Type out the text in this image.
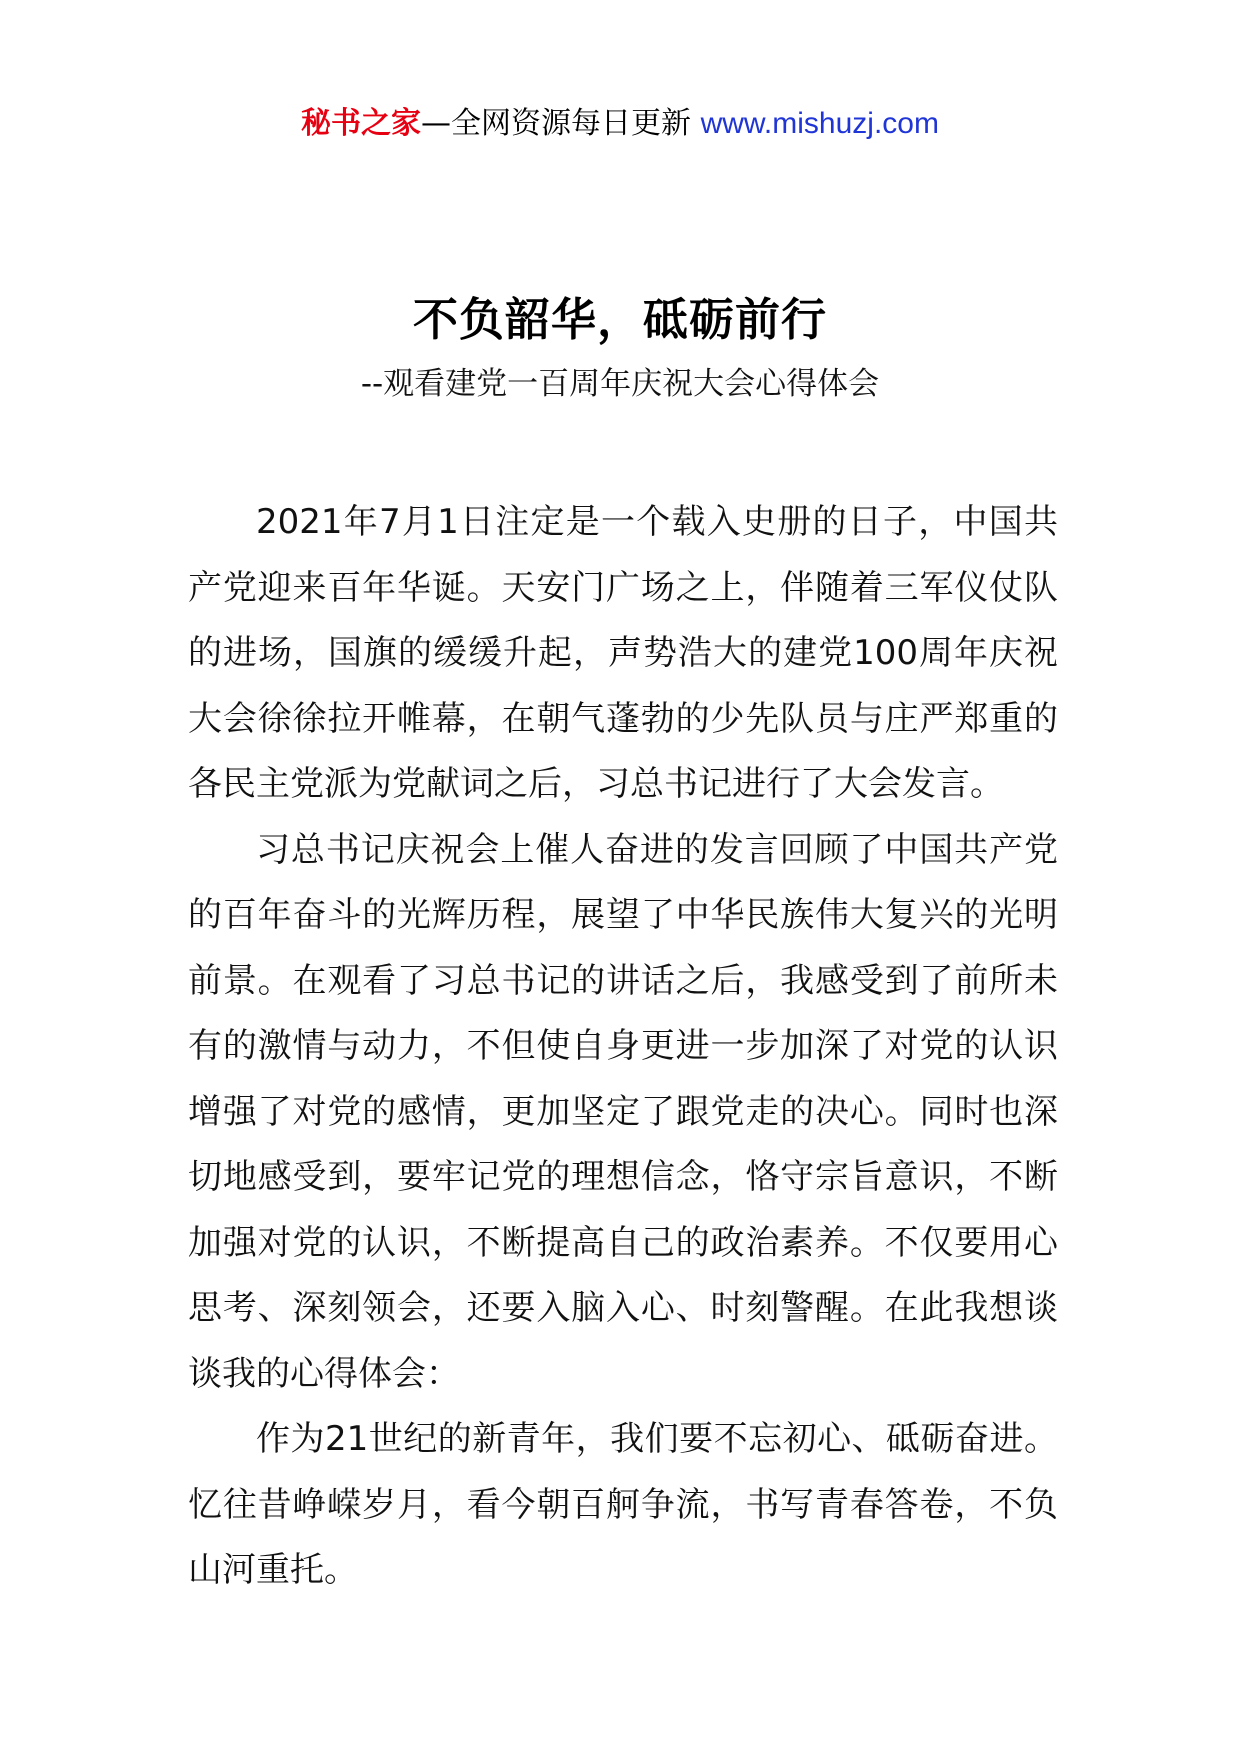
秘书之家—全网资源每日更新 www.mishuzj.com
不负韶华，砥砺前行
--观看建党一百周年庆祝大会心得体会

2021年7月1日注定是一个载入史册的日子，中国共产党迎来百年华诞。天安门广场之上，伴随着三军仪仗队的进场，国旗的缓缓升起，声势浩大的建党100周年庆祝大会徐徐拉开帷幕，在朝气蓬勃的少先队员与庄严郑重的各民主党派为党献词之后，习总书记进行了大会发言。

习总书记庆祝会上催人奋进的发言回顾了中国共产党的百年奋斗的光辉历程，展望了中华民族伟大复兴的光明前景。在观看了习总书记的讲话之后，我感受到了前所未有的激情与动力，不但使自身更进一步加深了对党的认识增强了对党的感情，更加坚定了跟党走的决心。同时也深切地感受到，要牢记党的理想信念，恪守宗旨意识，不断加强对党的认识，不断提高自己的政治素养。不仅要用心思考、深刻领会，还要入脑入心、时刻警醒。在此我想谈谈我的心得体会：

作为21世纪的新青年，我们要不忘初心、砥砺奋进。忆往昔峥嵘岁月，看今朝百舸争流，书写青春答卷，不负山河重托。
